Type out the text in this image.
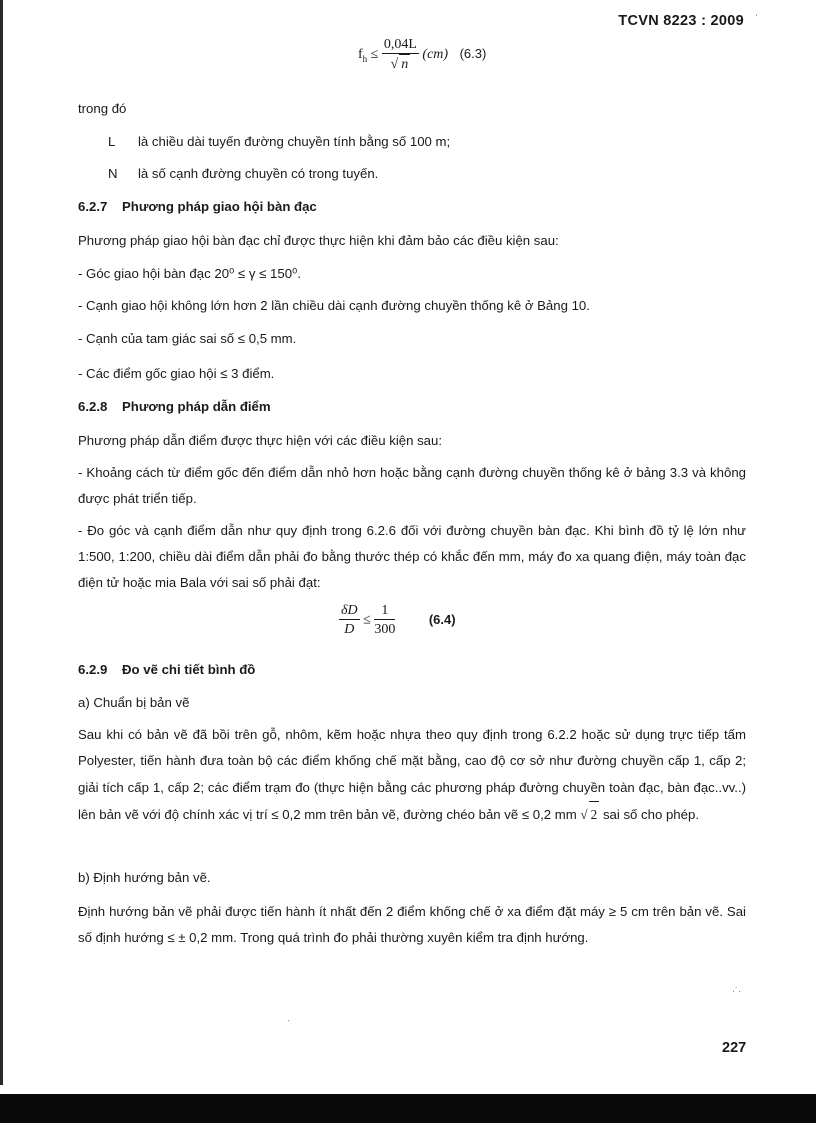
TCVN 8223 : 2009 ˈ
$f_h \le \frac{0,04L}{√ n} (cm)$ (6.3)
trong đó
L là chiều dài tuyến đường chuyền tính bằng số 100 m;
N là số cạnh đường chuyền có trong tuyến.
6.2.7 Phương pháp giao hội bàn đạc
Phương pháp giao hội bàn đạc chỉ được thực hiện khi đảm bảo các điều kiện sau:
- Góc giao hội bàn đạc 20⁰ ≤ γ ≤ 150⁰.
- Cạnh giao hội không lớn hơn 2 lần chiều dài cạnh đường chuyền thống kê ở Bảng 10.
- Cạnh của tam giác sai số ≤ 0,5 mm.
- Các điểm gốc giao hội ≤ 3 điểm.
6.2.8 Phương pháp dẫn điểm
Phương pháp dẫn điểm được thực hiện với các điều kiện sau:
- Khoảng cách từ điểm gốc đến điểm dẫn nhỏ hơn hoặc bằng cạnh đường chuyền thống kê ở bảng 3.3 và không được phát triển tiếp.
- Đo góc và cạnh điểm dẫn như quy định trong 6.2.6 đối với đường chuyền bàn đạc. Khi bình đồ tỷ lệ lớn như 1:500, 1:200, chiều dài điểm dẫn phải đo bằng thước thép có khắc đến mm, máy đo xa quang điện, máy toàn đạc điện tử hoặc mia Bala với sai số phải đạt:
$\frac{\delta D}{D} \le \frac{1}{300}$	(6.4)
6.2.9 Đo vẽ chi tiết bình đồ
a) Chuẩn bị bản vẽ
Sau khi có bản vẽ đã bồi trên gỗ, nhôm, kẽm hoặc nhựa theo quy định trong 6.2.2 hoặc sử dụng trực tiếp tấm Polyester, tiến hành đưa toàn bộ các điểm khống chế mặt bằng, cao độ cơ sở như đường chuyền cấp 1, cấp 2; giải tích cấp 1, cấp 2; các điểm trạm đo (thực hiện bằng các phương pháp đường chuyền toàn đạc, bàn đạc..vv..) lên bản vẽ với độ chính xác vị trí ≤ 0,2 mm trên bản vẽ, đường chéo bản vẽ ≤ 0,2 mm √ 2 sai số cho phép.
b) Định hướng bản vẽ.
Định hướng bản vẽ phải được tiến hành ít nhất đến 2 điểm khống chế ở xa điểm đặt máy ≥ 5 cm trên bản vẽ. Sai số định hướng ≤ ± 0,2 mm. Trong quá trình đo phải thường xuyên kiểm tra định hướng.
·˙·
ˊ
227
